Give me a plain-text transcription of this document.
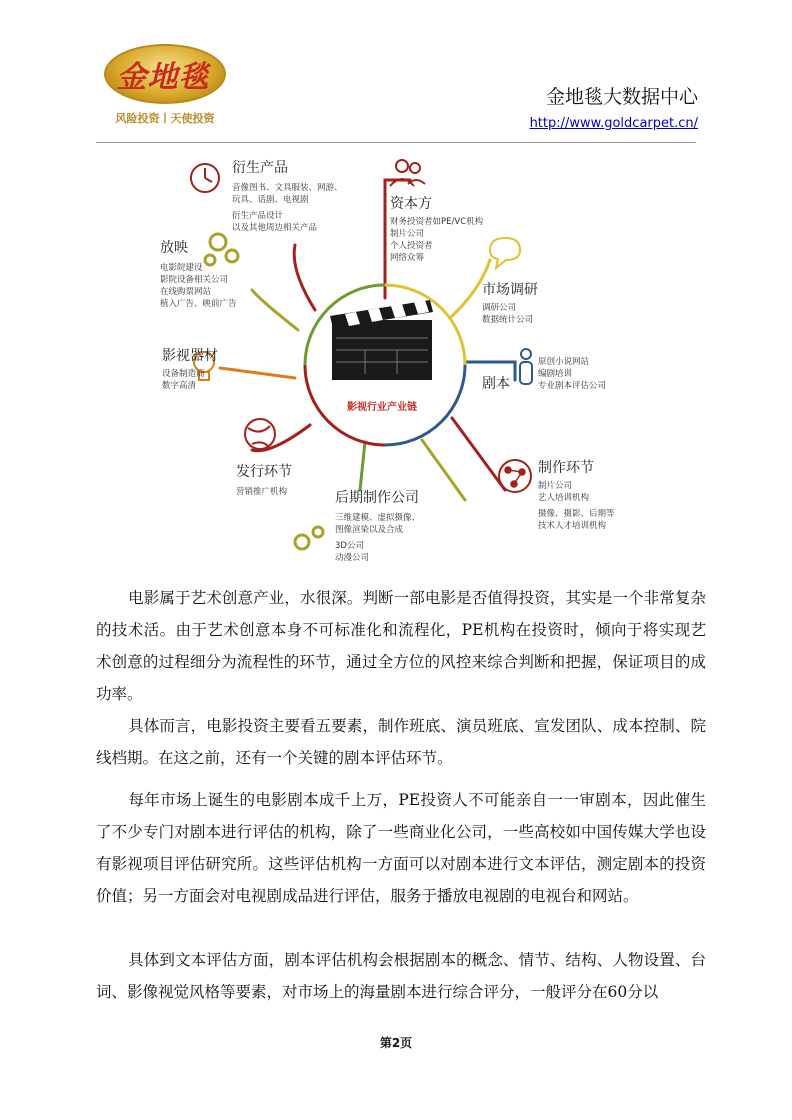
金地毯
风险投资丨天使投资
金地毯大数据中心
http://www.goldcarpet.cn/
影视行业产业链
衍生产品
音像图书、文具服装、网游、
玩具、话剧、电视剧
衍生产品设计
以及其他周边相关产品
资本方
财务投资者如PE/VC机构
制片公司
个人投资者
网络众筹
放映
电影院建设
影院设备相关公司
在线购票网站
植入广告、映前广告
市场调研
调研公司
数据统计公司
影视器材
设备制造商
数字高清	剧本
原创小说网站
编剧培训
专业剧本评估公司
发行环节
营销推广机构
制作环节
制片公司
艺人培训机构
摄像、摄影、后期等
技术人才培训机构
后期制作公司
三维建模、虚拟摄像、
图像渲染以及合成
3D公司
动漫公司
电影属于艺术创意产业，水很深。判断一部电影是否值得投资，其实是一个非常复杂的技术活。由于艺术创意本身不可标准化和流程化，PE机构在投资时，倾向于将实现艺术创意的过程细分为流程性的环节，通过全方位的风控来综合判断和把握，保证项目的成功率。
具体而言，电影投资主要看五要素，制作班底、演员班底、宣发团队、成本控制、院线档期。在这之前，还有一个关键的剧本评估环节。
每年市场上诞生的电影剧本成千上万，PE投资人不可能亲自一一审剧本，因此催生了不少专门对剧本进行评估的机构，除了一些商业化公司，一些高校如中国传媒大学也设有影视项目评估研究所。这些评估机构一方面可以对剧本进行文本评估，测定剧本的投资价值；另一方面会对电视剧成品进行评估，服务于播放电视剧的电视台和网站。
具体到文本评估方面，剧本评估机构会根据剧本的概念、情节、结构、人物设置、台词、影像视觉风格等要素，对市场上的海量剧本进行综合评分，一般评分在60分以
第2页
